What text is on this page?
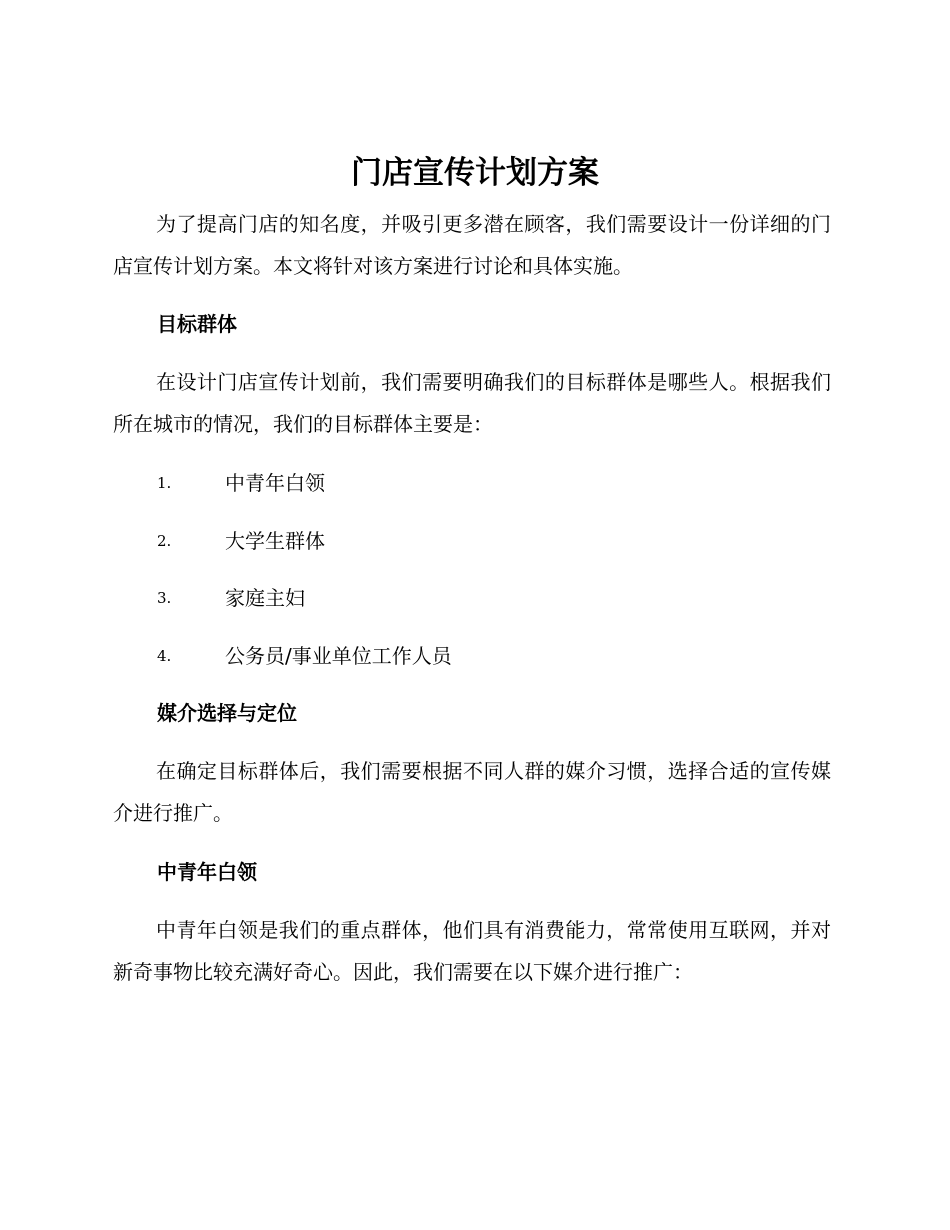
门店宣传计划方案

为了提高门店的知名度，并吸引更多潜在顾客，我们需要设计一份详细的门店宣传计划方案。本文将针对该方案进行讨论和具体实施。

目标群体

在设计门店宣传计划前，我们需要明确我们的目标群体是哪些人。根据我们所在城市的情况，我们的目标群体主要是：

1.	中青年白领
2.	大学生群体
3.	家庭主妇
4.	公务员/事业单位工作人员
媒介选择与定位

在确定目标群体后，我们需要根据不同人群的媒介习惯，选择合适的宣传媒介进行推广。

中青年白领

中青年白领是我们的重点群体，他们具有消费能力，常常使用互联网，并对新奇事物比较充满好奇心。因此，我们需要在以下媒介进行推广：
